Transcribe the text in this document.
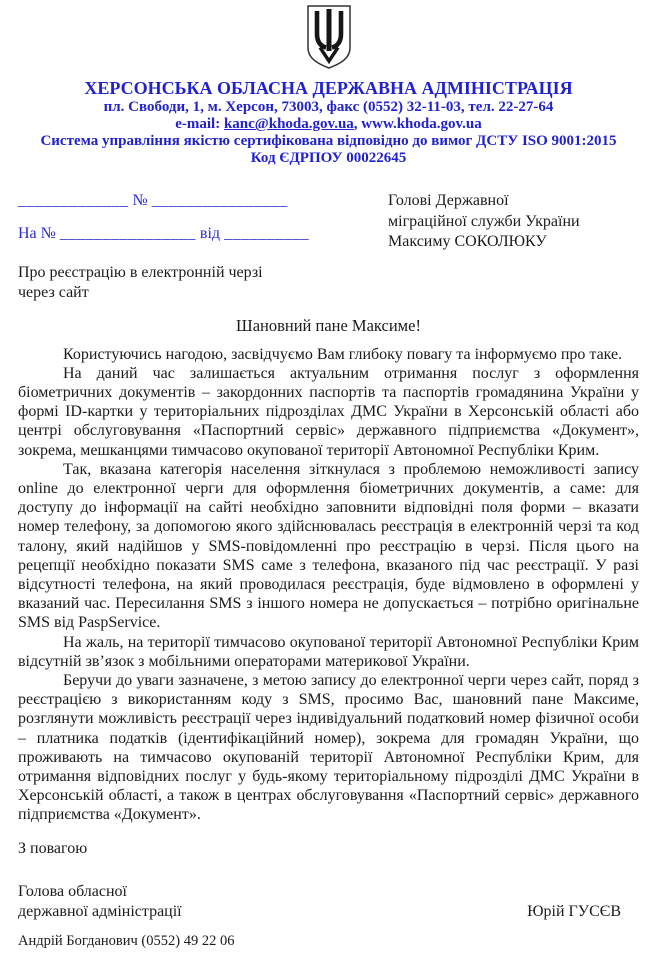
ХЕРСОНСЬКА ОБЛАСНА ДЕРЖАВНА АДМІНІСТРАЦІЯ
пл. Свободи, 1, м. Херсон, 73003, факс (0552) 32-11-03, тел. 22-27-64
e-mail: kanc@khoda.gov.ua, www.khoda.gov.ua
Система управління якістю сертифікована відповідно до вимог ДСТУ ISO 9001:2015
Код ЄДРПОУ 00022645
_____________ № ________________
На № ________________ від __________
Голові Державної
міграційної служби України
Максиму СОКОЛЮКУ
Про реєстрацію в електронній черзі
через сайт
Шановний пане Максиме!

Користуючись нагодою, засвідчуємо Вам глибоку повагу та інформуємо про таке.

На даний час залишається актуальним отримання послуг з оформлення біометричних документів – закордонних паспортів та паспортів громадянина України у формі ID-картки у територіальних підрозділах ДМС України в Херсонській області або центрі обслуговування «Паспортний сервіс» державного підприємства «Документ», зокрема, мешканцями тимчасово окупованої території Автономної Республіки Крим.

Так, вказана категорія населення зіткнулася з проблемою неможливості запису online до електронної черги для оформлення біометричних документів, а саме: для доступу до інформації на сайті необхідно заповнити відповідні поля форми – вказати номер телефону, за допомогою якого здійснювалась реєстрація в електронній черзі та код талону, який надійшов у SMS-повідомленні про реєстрацію в черзі. Після цього на рецепції необхідно показати SMS саме з телефона, вказаного під час реєстрації. У разі відсутності телефона, на який проводилася реєстрація, буде відмовлено в оформлені у вказаний час. Пересилання SMS з іншого номера не допускається – потрібно оригінальне SMS від PaspService.

На жаль, на території тимчасово окупованої території Автономної Республіки Крим відсутній зв’язок з мобільними операторами материкової України.

Беручи до уваги зазначене, з метою запису до електронної черги через сайт, поряд з реєстрацією з використанням коду з SMS, просимо Вас, шановний пане Максиме, розглянути можливість реєстрації через індивідуальний податковий номер фізичної особи – платника податків (ідентифікаційний номер), зокрема для громадян України, що проживають на тимчасово окупованій території Автономної Республіки Крим, для отримання відповідних послуг у будь-якому територіальному підрозділі ДМС України в Херсонській області, а також в центрах обслуговування «Паспортний сервіс» державного підприємства «Документ».

З повагою
Голова обласної
державної адміністрації	Юрій ГУСЄВ
Андрій Богданович (0552) 49 22 06
